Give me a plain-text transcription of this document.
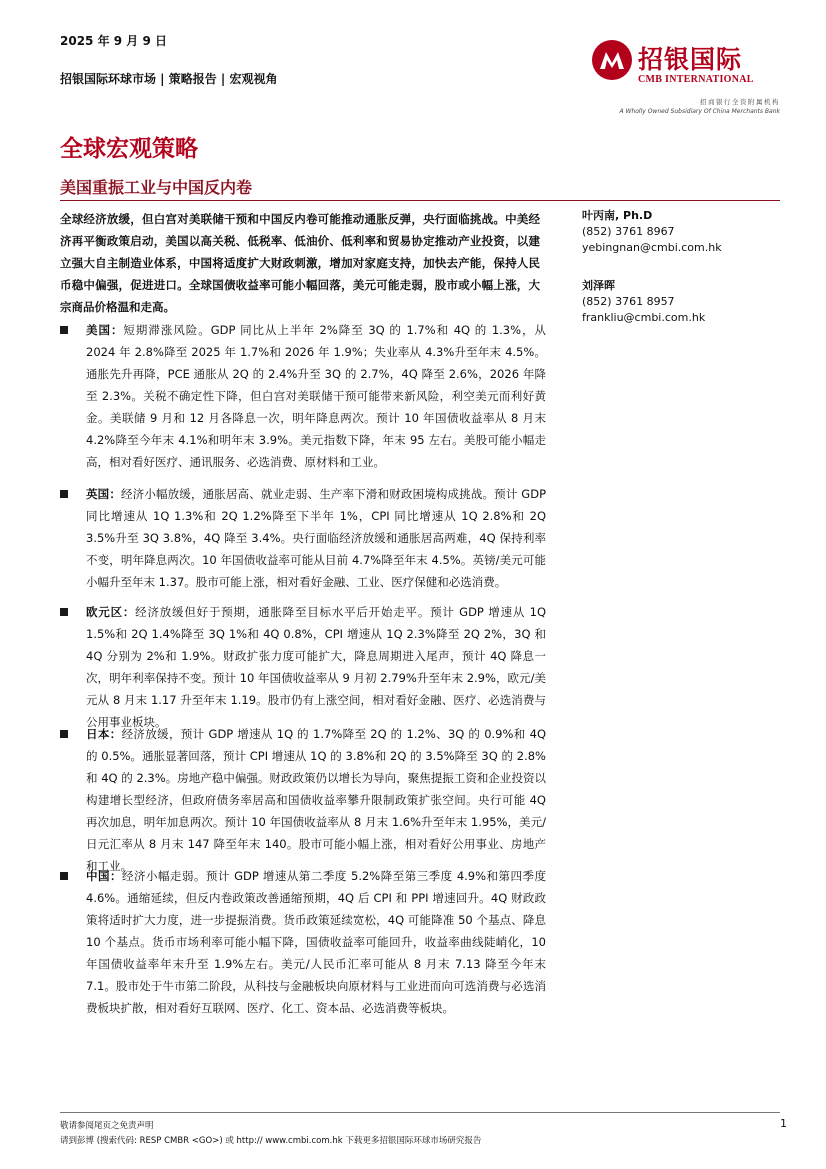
2025 年 9 月 9 日
招银国际环球市场 | 策略报告 | 宏观视角
招银国际
CMB INTERNATIONAL
招商银行全资附属机构
A Wholly Owned Subsidiary Of China Merchants Bank
全球宏观策略
美国重振工业与中国反内卷
全球经济放缓，但白宫对美联储干预和中国反内卷可能推动通胀反弹，央行面临挑战。中美经济再平衡政策启动，美国以高关税、低税率、低油价、低利率和贸易协定推动产业投资，以建立强大自主制造业体系，中国将适度扩大财政刺激，增加对家庭支持，加快去产能，保持人民币稳中偏强，促进进口。全球国债收益率可能小幅回落，美元可能走弱，股市或小幅上涨，大宗商品价格温和走高。

美国：短期滞涨风险。GDP 同比从上半年 2%降至 3Q 的 1.7%和 4Q 的 1.3%，从 2024 年 2.8%降至 2025 年 1.7%和 2026 年 1.9%；失业率从 4.3%升至年末 4.5%。通胀先升再降，PCE 通胀从 2Q 的 2.4%升至 3Q 的 2.7%，4Q 降至 2.6%，2026 年降至 2.3%。关税不确定性下降，但白宫对美联储干预可能带来新风险，利空美元而利好黄金。美联储 9 月和 12 月各降息一次，明年降息两次。预计 10 年国债收益率从 8 月末 4.2%降至今年末 4.1%和明年末 3.9%。美元指数下降，年末 95 左右。美股可能小幅走高，相对看好医疗、通讯服务、必选消费、原材料和工业。

英国：经济小幅放缓，通胀居高、就业走弱、生产率下滑和财政困境构成挑战。预计 GDP 同比增速从 1Q 1.3%和 2Q 1.2%降至下半年 1%，CPI 同比增速从 1Q 2.8%和 2Q 3.5%升至 3Q 3.8%，4Q 降至 3.4%。央行面临经济放缓和通胀居高两难，4Q 保持利率不变，明年降息两次。10 年国债收益率可能从目前 4.7%降至年末 4.5%。英镑/美元可能小幅升至年末 1.37。股市可能上涨，相对看好金融、工业、医疗保健和必选消费。

欧元区：经济放缓但好于预期，通胀降至目标水平后开始走平。预计 GDP 增速从 1Q 1.5%和 2Q 1.4%降至 3Q 1%和 4Q 0.8%，CPI 增速从 1Q 2.3%降至 2Q 2%，3Q 和 4Q 分别为 2%和 1.9%。财政扩张力度可能扩大，降息周期进入尾声，预计 4Q 降息一次，明年利率保持不变。预计 10 年国债收益率从 9 月初 2.79%升至年末 2.9%，欧元/美元从 8 月末 1.17 升至年末 1.19。股市仍有上涨空间，相对看好金融、医疗、必选消费与公用事业板块。

日本：经济放缓，预计 GDP 增速从 1Q 的 1.7%降至 2Q 的 1.2%、3Q 的 0.9%和 4Q 的 0.5%。通胀显著回落，预计 CPI 增速从 1Q 的 3.8%和 2Q 的 3.5%降至 3Q 的 2.8%和 4Q 的 2.3%。房地产稳中偏强。财政政策仍以增长为导向，聚焦提振工资和企业投资以构建增长型经济，但政府债务率居高和国债收益率攀升限制政策扩张空间。央行可能 4Q 再次加息，明年加息两次。预计 10 年国债收益率从 8 月末 1.6%升至年末 1.95%，美元/日元汇率从 8 月末 147 降至年末 140。股市可能小幅上涨，相对看好公用事业、房地产和工业。

中国：经济小幅走弱。预计 GDP 增速从第二季度 5.2%降至第三季度 4.9%和第四季度 4.6%。通缩延续，但反内卷政策改善通缩预期，4Q 后 CPI 和 PPI 增速回升。4Q 财政政策将适时扩大力度，进一步提振消费。货币政策延续宽松，4Q 可能降准 50 个基点、降息 10 个基点。货币市场利率可能小幅下降，国债收益率可能回升，收益率曲线陡峭化，10 年国债收益率年末升至 1.9%左右。美元/人民币汇率可能从 8 月末 7.13 降至今年末 7.1。股市处于牛市第二阶段，从科技与金融板块向原材料与工业进而向可选消费与必选消费板块扩散，相对看好互联网、医疗、化工、资本品、必选消费等板块。

叶丙南, Ph.D
(852) 3761 8967
yebingnan@cmbi.com.hk
刘泽晖
(852) 3761 8957
frankliu@cmbi.com.hk
敬请参阅尾页之免责声明
请到彭博 (搜索代码: RESP CMBR <GO>) 或 http:// www.cmbi.com.hk 下载更多招银国际环球市场研究报告
1
